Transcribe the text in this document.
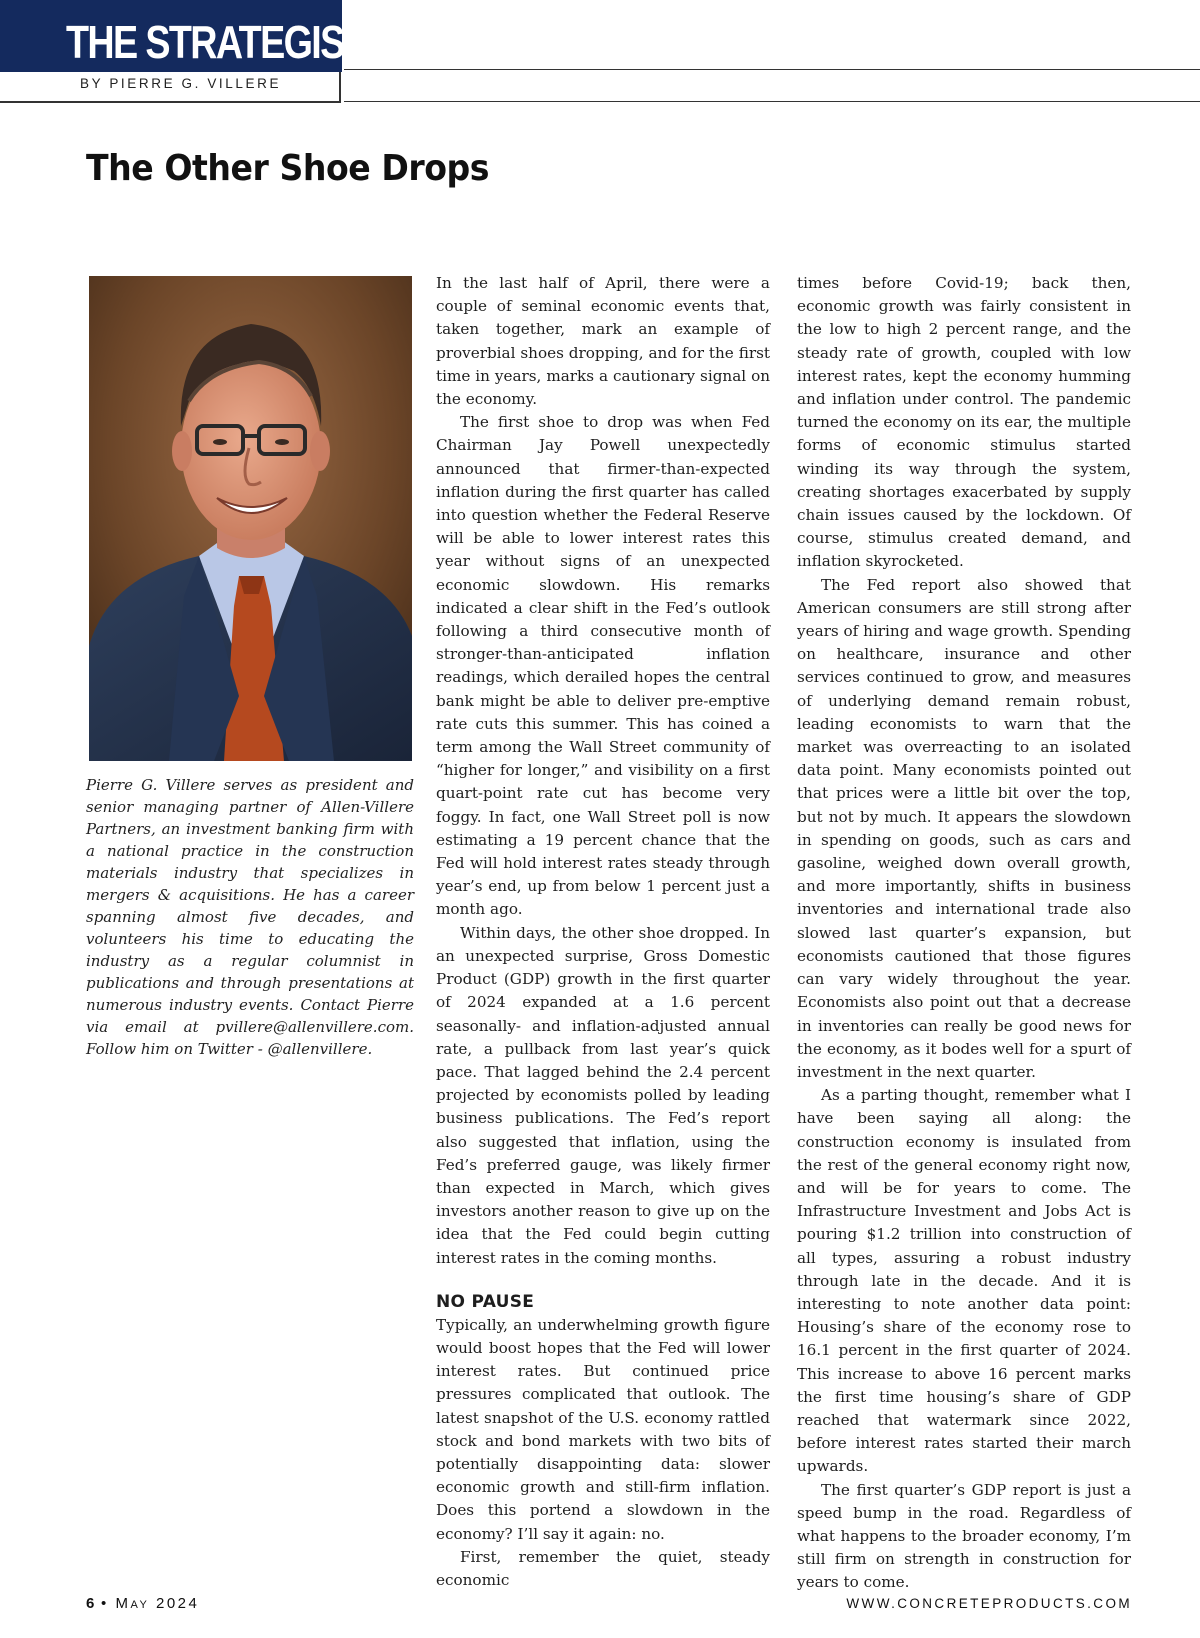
THE STRATEGIST
BY PIERRE G. VILLERE
The Other Shoe Drops

Pierre G. Villere serves as president and senior managing partner of Allen-Villere Partners, an investment banking firm with a national practice in the construction materials industry that specializes in mergers & acquisitions. He has a career spanning almost five decades, and volunteers his time to educating the industry as a regular columnist in publications and through presentations at numerous industry events. Contact Pierre via email at pvillere@allenvillere.com. Follow him on Twitter - @allenvillere.

In the last half of April, there were a couple of seminal economic events that, taken together, mark an example of proverbial shoes dropping, and for the first time in years, marks a cautionary signal on the economy.

The first shoe to drop was when Fed Chairman Jay Powell unexpectedly announced that firmer-than-expected inflation during the first quarter has called into question whether the Federal Reserve will be able to lower interest rates this year without signs of an unexpected economic slowdown. His remarks indicated a clear shift in the Fed’s outlook following a third consecutive month of stronger-than-anticipated inflation readings, which derailed hopes the central bank might be able to deliver pre-emptive rate cuts this summer. This has coined a term among the Wall Street community of “higher for longer,” and visibility on a first quart-point rate cut has become very foggy. In fact, one Wall Street poll is now estimating a 19 percent chance that the Fed will hold interest rates steady through year’s end, up from below 1 percent just a month ago.

Within days, the other shoe dropped. In an unexpected surprise, Gross Domestic Product (GDP) growth in the first quarter of 2024 expanded at a 1.6 percent seasonally- and inflation-adjusted annual rate, a pullback from last year’s quick pace. That lagged behind the 2.4 percent projected by economists polled by leading business publications. The Fed’s report also suggested that inflation, using the Fed’s preferred gauge, was likely firmer than expected in March, which gives investors another reason to give up on the idea that the Fed could begin cutting interest rates in the coming months.

NO PAUSE

Typically, an underwhelming growth figure would boost hopes that the Fed will lower interest rates. But continued price pressures complicated that outlook. The latest snapshot of the U.S. economy rattled stock and bond markets with two bits of potentially disappointing data: slower economic growth and still-firm inflation. Does this portend a slowdown in the economy? I’ll say it again: no.

First, remember the quiet, steady economic

times before Covid-19; back then, economic growth was fairly consistent in the low to high 2 percent range, and the steady rate of growth, coupled with low interest rates, kept the economy humming and inflation under control. The pandemic turned the economy on its ear, the multiple forms of economic stimulus started winding its way through the system, creating shortages exacerbated by supply chain issues caused by the lockdown. Of course, stimulus created demand, and inflation skyrocketed.

The Fed report also showed that American consumers are still strong after years of hiring and wage growth. Spending on healthcare, insurance and other services continued to grow, and measures of underlying demand remain robust, leading economists to warn that the market was overreacting to an isolated data point. Many economists pointed out that prices were a little bit over the top, but not by much. It appears the slowdown in spending on goods, such as cars and gasoline, weighed down overall growth, and more importantly, shifts in business inventories and international trade also slowed last quarter’s expansion, but economists cautioned that those figures can vary widely throughout the year. Economists also point out that a decrease in inventories can really be good news for the economy, as it bodes well for a spurt of investment in the next quarter.

As a parting thought, remember what I have been saying all along: the construction economy is insulated from the rest of the general economy right now, and will be for years to come. The Infrastructure Investment and Jobs Act is pouring $1.2 trillion into construction of all types, assuring a robust industry through late in the decade. And it is interesting to note another data point: Housing’s share of the economy rose to 16.1 percent in the first quarter of 2024. This increase to above 16 percent marks the first time housing’s share of GDP reached that watermark since 2022, before interest rates started their march upwards.

The first quarter’s GDP report is just a speed bump in the road. Regardless of what happens to the broader economy, I’m still firm on strength in construction for years to come.

6 • May 2024	WWW.CONCRETEPRODUCTS.COM
